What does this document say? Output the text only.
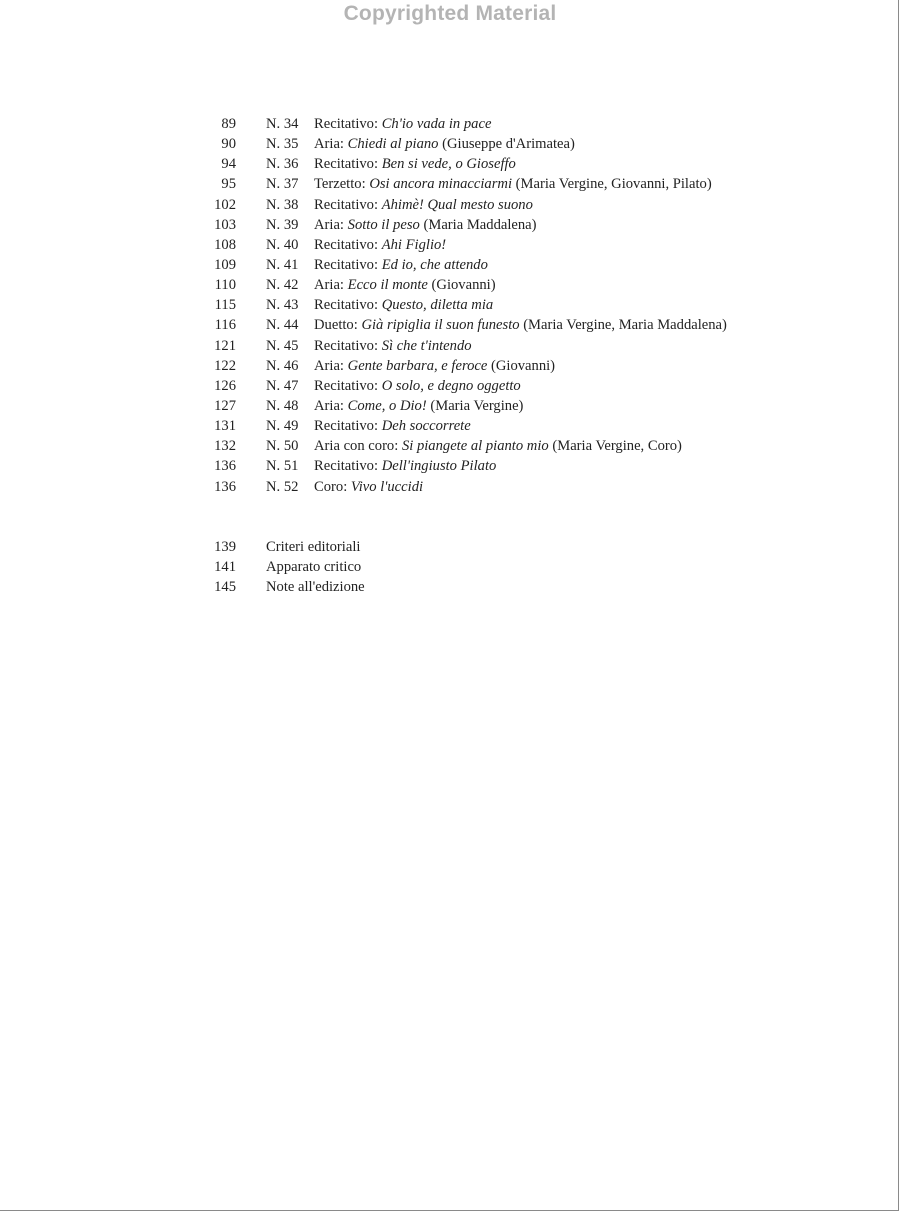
Copyrighted Material
89 N. 34 Recitativo: Ch'io vada in pace
90 N. 35 Aria: Chiedi al piano (Giuseppe d'Arimatea)
94 N. 36 Recitativo: Ben si vede, o Gioseffo
95 N. 37 Terzetto: Osi ancora minacciarmi (Maria Vergine, Giovanni, Pilato)
102 N. 38 Recitativo: Ahimè! Qual mesto suono
103 N. 39 Aria: Sotto il peso (Maria Maddalena)
108 N. 40 Recitativo: Ahi Figlio!
109 N. 41 Recitativo: Ed io, che attendo
110 N. 42 Aria: Ecco il monte (Giovanni)
115 N. 43 Recitativo: Questo, diletta mia
116 N. 44 Duetto: Già ripiglia il suon funesto (Maria Vergine, Maria Maddalena)
121 N. 45 Recitativo: Sì che t'intendo
122 N. 46 Aria: Gente barbara, e feroce (Giovanni)
126 N. 47 Recitativo: O solo, e degno oggetto
127 N. 48 Aria: Come, o Dio! (Maria Vergine)
131 N. 49 Recitativo: Deh soccorrete
132 N. 50 Aria con coro: Si piangete al pianto mio (Maria Vergine, Coro)
136 N. 51 Recitativo: Dell'ingiusto Pilato
136 N. 52 Coro: Vivo l'uccidi
139 Criteri editoriali
141 Apparato critico
145 Note all'edizione
